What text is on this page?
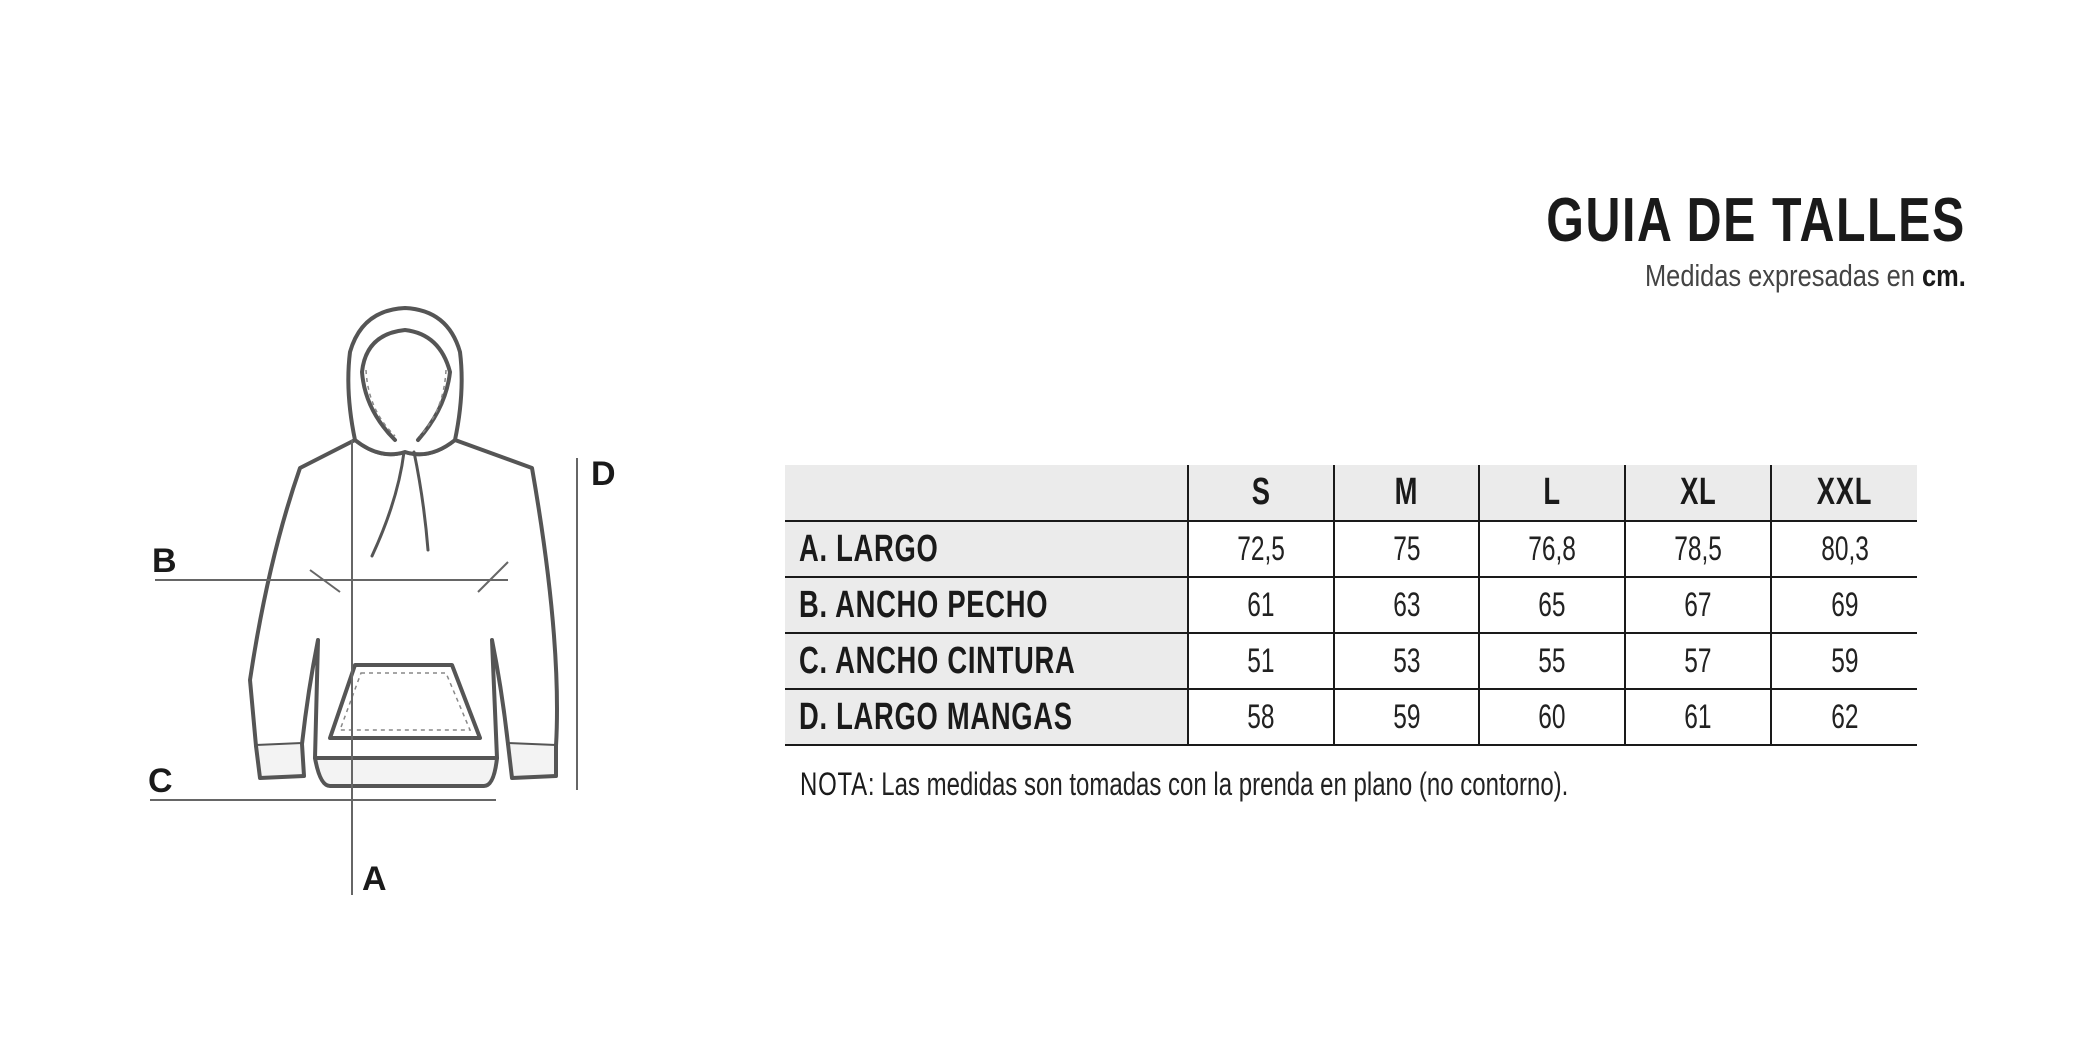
GUIA DE TALLES
Medidas expresadas en cm.
A
B
C
D
		S	M	L	XL	XXL
A. LARGO	72,5	75	76,8	78,5	80,3
B. ANCHO PECHO	61	63	65	67	69
C. ANCHO CINTURA	51	53	55	57	59
D. LARGO MANGAS	58	59	60	61	62
NOTA: Las medidas son tomadas con la prenda en plano (no contorno).
